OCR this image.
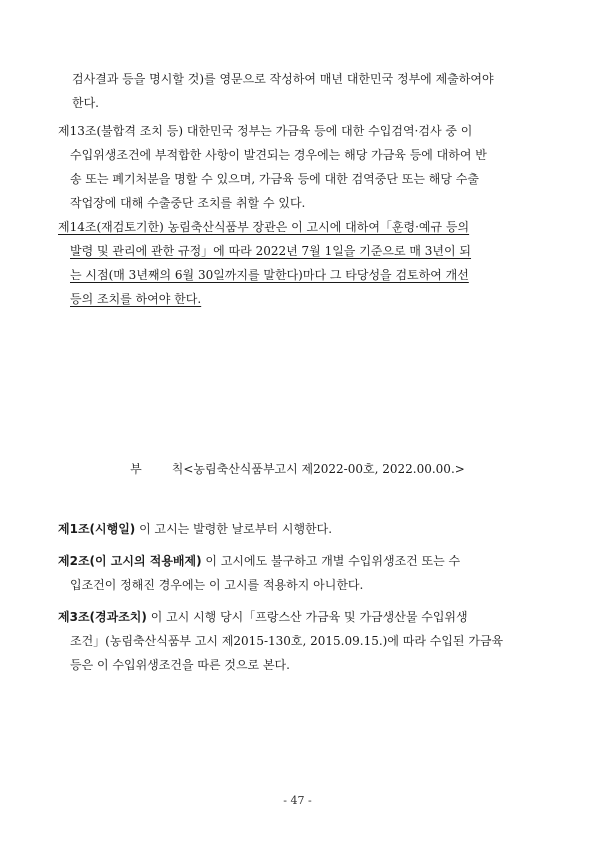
검사결과 등을 명시할 것)를 영문으로 작성하여 매년 대한민국 정부에 제출하여야

한다.

제13조(불합격 조치 등) 대한민국 정부는 가금육 등에 대한 수입검역·검사 중 이

수입위생조건에 부적합한 사항이 발견되는 경우에는 해당 가금육 등에 대하여 반

송 또는 폐기처분을 명할 수 있으며, 가금육 등에 대한 검역중단 또는 해당 수출

작업장에 대해 수출중단 조치를 취할 수 있다.

제14조(재검토기한) 농림축산식품부 장관은 이 고시에 대하여「훈령·예규 등의

발령 및 관리에 관한 규정」에 따라 2022년 7월 1일을 기준으로 매 3년이 되

는 시점(매 3년째의 6월 30일까지를 말한다)마다 그 타당성을 검토하여 개선

등의 조치를 하여야 한다.

부	칙<농림축산식품부고시 제2022-00호, 2022.00.00.>

제1조(시행일) 이 고시는 발령한 날로부터 시행한다.

제2조(이 고시의 적용배제) 이 고시에도 불구하고 개별 수입위생조건 또는 수

입조건이 정해진 경우에는 이 고시를 적용하지 아니한다.

제3조(경과조치) 이 고시 시행 당시「프랑스산 가금육 및 가금생산물 수입위생

조건」(농림축산식품부 고시 제2015-130호, 2015.09.15.)에 따라 수입된 가금육

등은 이 수입위생조건을 따른 것으로 본다.

- 47 -
